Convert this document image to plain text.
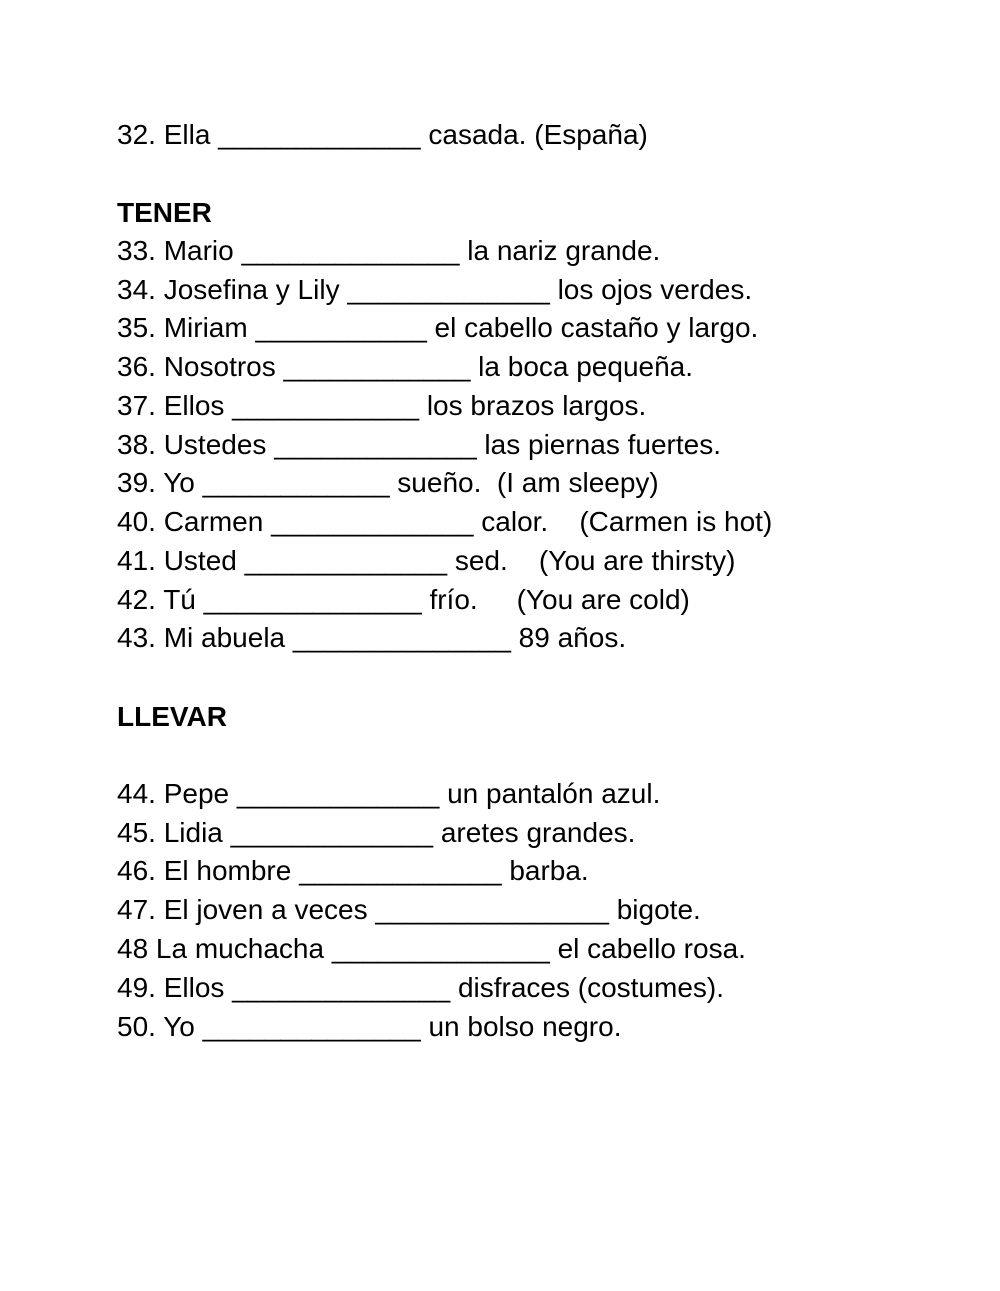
32. Ella _____________ casada. (España)
TENER
33. Mario ______________ la nariz grande.
34. Josefina y Lily _____________ los ojos verdes.
35. Miriam ___________ el cabello castaño y largo.
36. Nosotros ____________ la boca pequeña.
37. Ellos ____________ los brazos largos.
38. Ustedes _____________ las piernas fuertes.
39. Yo ____________ sueño.  (I am sleepy)
40. Carmen _____________ calor.    (Carmen is hot)
41. Usted _____________ sed.    (You are thirsty)
42. Tú ______________ frío.     (You are cold)
43. Mi abuela ______________ 89 años.
LLEVAR
44. Pepe _____________ un pantalón azul.
45. Lidia _____________ aretes grandes.
46. El hombre _____________ barba.
47. El joven a veces _______________ bigote.
48 La muchacha ______________ el cabello rosa.
49. Ellos ______________ disfraces (costumes).
50. Yo ______________ un bolso negro.
